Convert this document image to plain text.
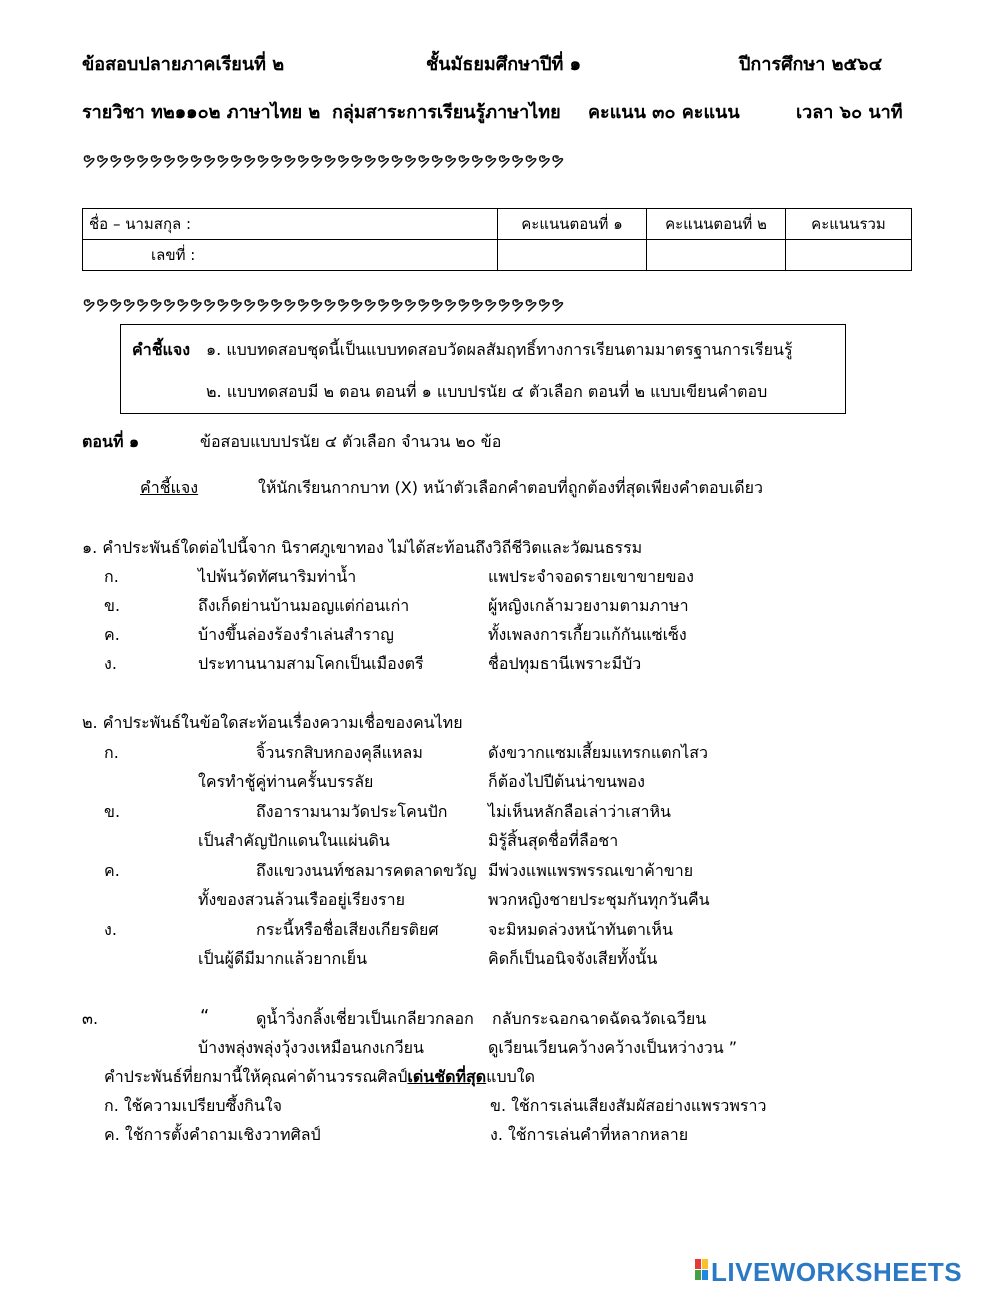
ข้อสอบปลายภาคเรียนที่ ๒	ชั้นมัธยมศึกษาปีที่ ๑	ปีการศึกษา ๒๕๖๔
รายวิชา ท๒๑๑๐๒ ภาษาไทย ๒ กลุ่มสาระการเรียนรู้ภาษาไทย คะแนน ๓๐ คะแนน	เวลา ๖๐ นาที
ຯຯຯຯຯຯຯຯຯຯຯຯຯຯຯຯຯຯຯຯຯຯຯຯຯຯຯຯຯຯຯຯຯຯຯຯ
ชื่อ – นามสกุล :	คะแนนตอนที่ ๑	คะแนนตอนที่ ๒	คะแนนรวม
เลขที่ :			
ຯຯຯຯຯຯຯຯຯຯຯຯຯຯຯຯຯຯຯຯຯຯຯຯຯຯຯຯຯຯຯຯຯຯຯຯ
คำชี้แจง ๑. แบบทดสอบชุดนี้เป็นแบบทดสอบวัดผลสัมฤทธิ์ทางการเรียนตามมาตรฐานการเรียนรู้
๒. แบบทดสอบมี ๒ ตอน ตอนที่ ๑ แบบปรนัย ๔ ตัวเลือก ตอนที่ ๒ แบบเขียนคำตอบ
ตอนที่ ๑	ข้อสอบแบบปรนัย ๔ ตัวเลือก จำนวน ๒๐ ข้อ
คำชี้แจง	ให้นักเรียนกากบาท (X) หน้าตัวเลือกคำตอบที่ถูกต้องที่สุดเพียงคำตอบเดียว
๑. คำประพันธ์ใดต่อไปนี้จาก นิราศภูเขาทอง ไม่ได้สะท้อนถึงวิถีชีวิตและวัฒนธรรม
ก.	ไปพ้นวัดทัศนาริมท่าน้ำ	แพประจำจอดรายเขาขายของ
ข.	ถึงเก็ดย่านบ้านมอญแต่ก่อนเก่า	ผู้หญิงเกล้ามวยงามตามภาษา
ค.	บ้างขึ้นล่องร้องรำเล่นสำราญ	ทั้งเพลงการเกี้ยวแก้กันแซ่เซ็ง
ง.	ประทานนามสามโคกเป็นเมืองตรี	ชื่อปทุมธานีเพราะมีบัว
๒. คำประพันธ์ในข้อใดสะท้อนเรื่องความเชื่อของคนไทย
ก.	จิ้วนรกสิบหกองคุลีแหลม	ดังขวากแซมเสี้ยมแทรกแตกไสว
ใครทำชู้คู่ท่านครั้นบรรลัย	ก็ต้องไปปีต้นน่าขนพอง
ข.	ถึงอารามนามวัดประโคนปัก	ไม่เห็นหลักลือเล่าว่าเสาหิน
เป็นสำคัญปักแดนในแผ่นดิน	มิรู้สิ้นสุดชื่อที่ลือชา
ค.	ถึงแขวงนนท์ชลมารคตลาดขวัญ มีพ่วงแพแพรพรรณเขาค้าขาย
ทั้งของสวนล้วนเรืออยู่เรียงราย	พวกหญิงชายประชุมกันทุกวันคืน
ง.	กระนี้หรือชื่อเสียงเกียรติยศ	จะมิหมดล่วงหน้าทันตาเห็น
เป็นผู้ดีมีมากแล้วยากเย็น	คิดก็เป็นอนิจจังเสียทั้งนั้น
๓.	“	ดูน้ำวิ่งกลิ้งเชี่ยวเป็นเกลียวกลอก กลับกระฉอกฉาดฉัดฉวัดเฉวียน
บ้างพลุ่งพลุ่งวุ้งวงเหมือนกงเกวียน	ดูเวียนเวียนคว้างคว้างเป็นหว่างวน ”
คำประพันธ์ที่ยกมานี้ให้คุณค่าด้านวรรณศิลป์เด่นชัดที่สุดแบบใด
ก. ใช้ความเปรียบซึ้งกินใจ	ข. ใช้การเล่นเสียงสัมผัสอย่างแพรวพราว
ค. ใช้การตั้งคำถามเชิงวาทศิลป์	ง. ใช้การเล่นคำที่หลากหลาย
LIVEWORKSHEETS
